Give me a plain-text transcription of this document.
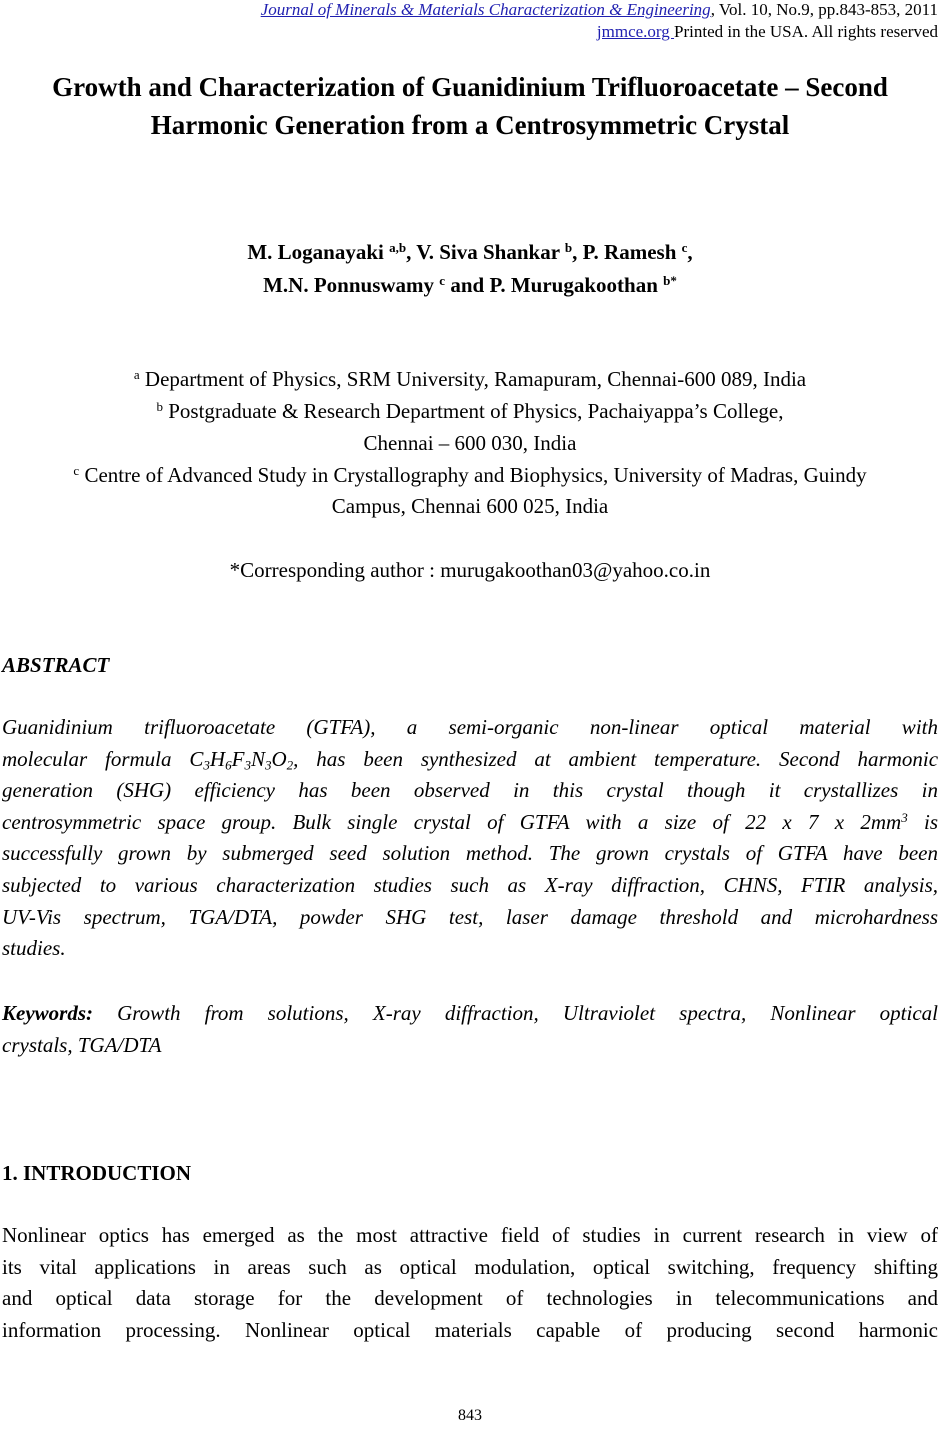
Journal of Minerals & Materials Characterization & Engineering, Vol. 10, No.9, pp.843-853, 2011
jmmce.org Printed in the USA. All rights reserved
Growth and Characterization of Guanidinium Trifluoroacetate – Second
Harmonic Generation from a Centrosymmetric Crystal
M. Loganayaki $^{a,b}$, V. Siva Shankar $^b$, P. Ramesh $^c$,
M.N. Ponnuswamy $^c$ and P. Murugakoothan $^{b*}$
$^a$ Department of Physics, SRM University, Ramapuram, Chennai-600 089, India
$^b$ Postgraduate & Research Department of Physics, Pachaiyappa’s College,
Chennai – 600 030, India
$^c$ Centre of Advanced Study in Crystallography and Biophysics, University of Madras, Guindy
Campus, Chennai 600 025, India
*Corresponding author : murugakoothan03@yahoo.co.in
ABSTRACT
Guanidinium trifluoroacetate (GTFA), a semi-organic non-linear optical material with
molecular formula $C_3H_6F_3N_3O_2$, has been synthesized at ambient temperature. Second harmonic
generation (SHG) efficiency has been observed in this crystal though it crystallizes in
centrosymmetric space group. Bulk single crystal of GTFA with a size of 22 x 7 x $2mm^3$ is
successfully grown by submerged seed solution method. The grown crystals of GTFA have been
subjected to various characterization studies such as X-ray diffraction, CHNS, FTIR analysis,
UV-Vis spectrum, TGA/DTA, powder SHG test, laser damage threshold and microhardness
studies.
Keywords: Growth from solutions, X-ray diffraction, Ultraviolet spectra, Nonlinear optical
crystals, TGA/DTA
1. INTRODUCTION
Nonlinear optics has emerged as the most attractive field of studies in current research in view of
its vital applications in areas such as optical modulation, optical switching, frequency shifting
and optical data storage for the development of technologies in telecommunications and
information processing. Nonlinear optical materials capable of producing second harmonic
843
